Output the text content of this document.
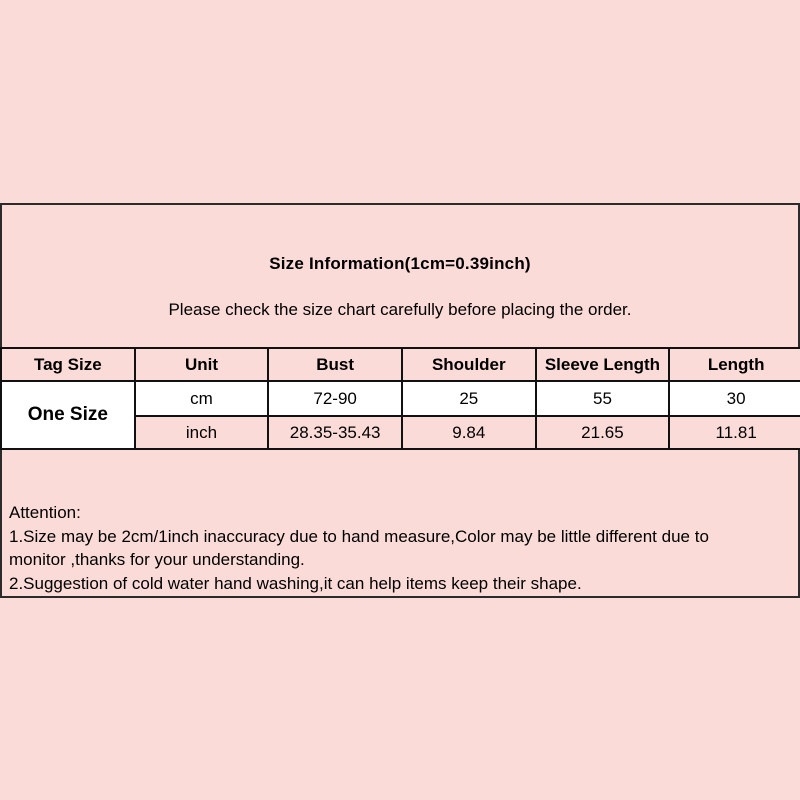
Size Information(1cm=0.39inch)
Please check the size chart carefully before placing the order.
Tag Size	Unit	Bust	Shoulder	Sleeve Length	Length
One Size	cm	72-90	25	55	30
	inch	28.35-35.43	9.84	21.65	11.81
Attention:
1.Size may be 2cm/1inch inaccuracy due to hand measure,Color may be little different due to
monitor ,thanks for your understanding.
2.Suggestion of cold water hand washing,it can help items keep their shape.
